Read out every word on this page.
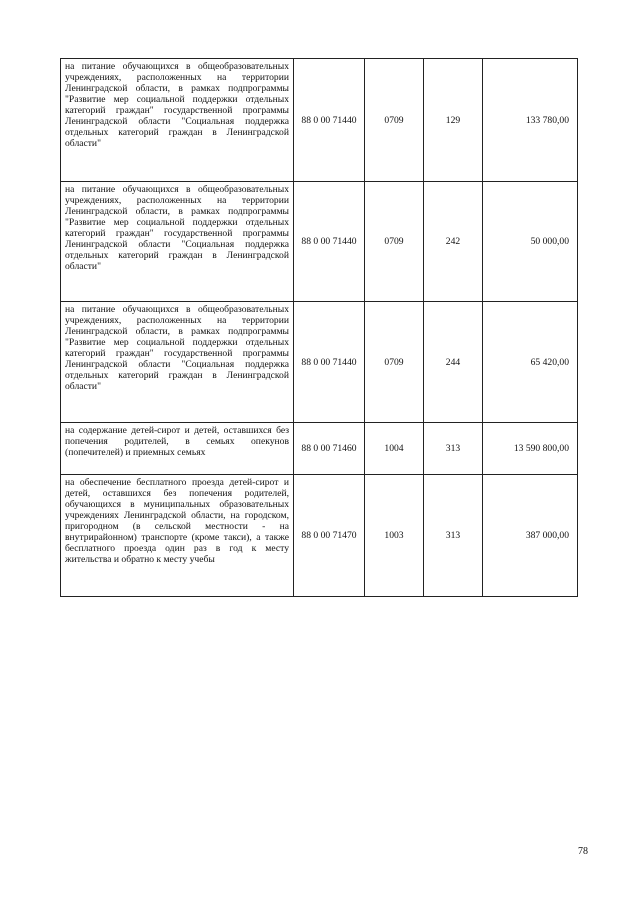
на питание обучающихся в общеобразовательных учреждениях, расположенных на территории Ленинградской области, в рамках подпрограммы "Развитие мер социальной поддержки отдельных категорий граждан" государственной программы Ленинградской области "Социальная поддержка отдельных категорий граждан в Ленинградской области"	88 0 00 71440	0709	129	133 780,00
на питание обучающихся в общеобразовательных учреждениях, расположенных на территории Ленинградской области, в рамках подпрограммы "Развитие мер социальной поддержки отдельных категорий граждан" государственной программы Ленинградской области "Социальная поддержка отдельных категорий граждан в Ленинградской области"	88 0 00 71440	0709	242	50 000,00
на питание обучающихся в общеобразовательных учреждениях, расположенных на территории Ленинградской области, в рамках подпрограммы "Развитие мер социальной поддержки отдельных категорий граждан" государственной программы Ленинградской области "Социальная поддержка отдельных категорий граждан в Ленинградской области"	88 0 00 71440	0709	244	65 420,00
на содержание детей-сирот и детей, оставшихся без попечения родителей, в семьях опекунов (попечителей) и приемных семьях	88 0 00 71460	1004	313	13 590 800,00
на обеспечение бесплатного проезда детей-сирот и детей, оставшихся без попечения родителей, обучающихся в муниципальных образовательных учреждениях Ленинградской области, на городском, пригородном (в сельской местности - на внутрирайонном) транспорте (кроме такси), а также бесплатного проезда один раз в год к месту жительства и обратно к месту учебы	88 0 00 71470	1003	313	387 000,00
78
